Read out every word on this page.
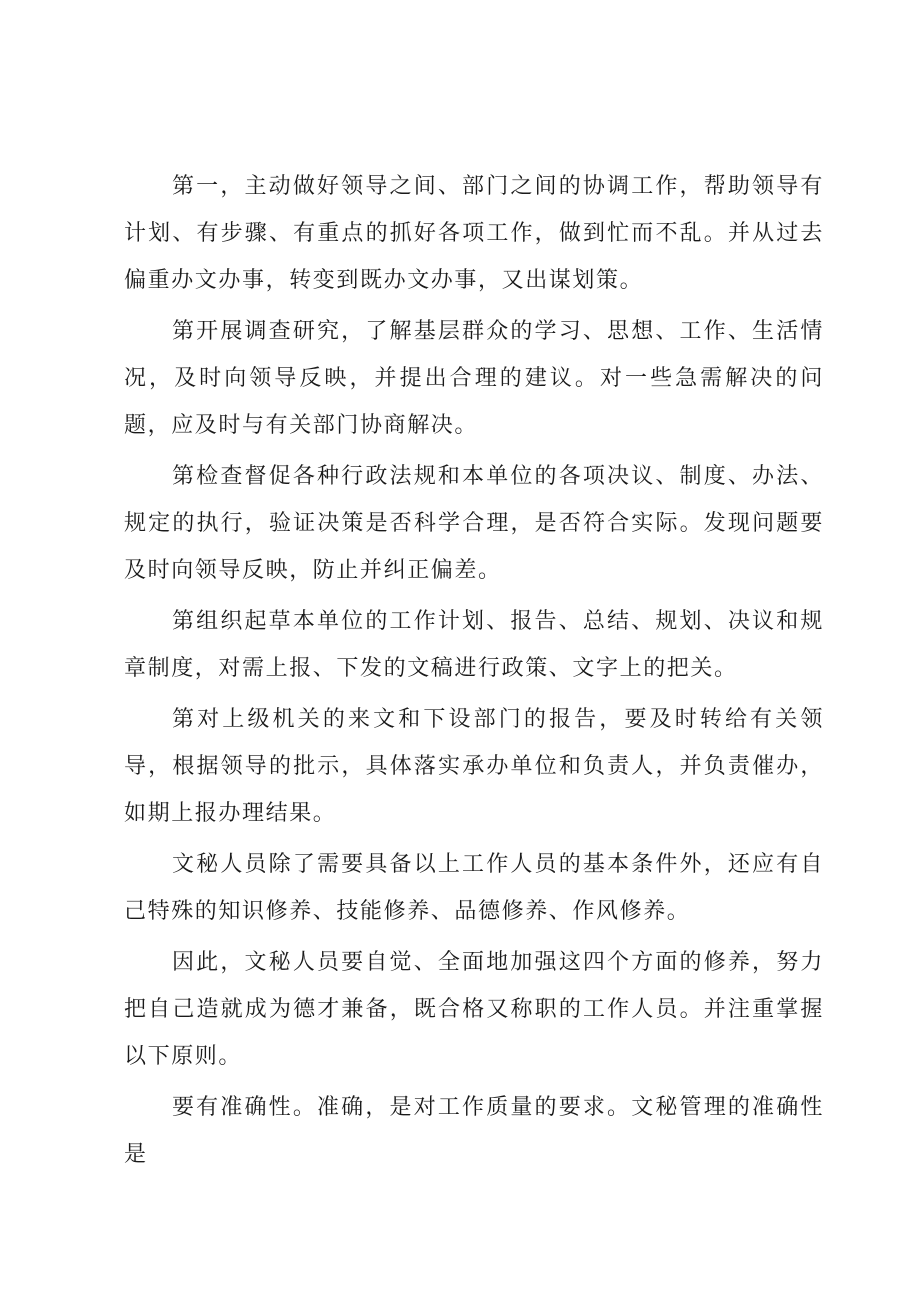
第一，主动做好领导之间、部门之间的协调工作，帮助领导有计划、有步骤、有重点的抓好各项工作，做到忙而不乱。并从过去偏重办文办事，转变到既办文办事，又出谋划策。

第开展调查研究，了解基层群众的学习、思想、工作、生活情况，及时向领导反映，并提出合理的建议。对一些急需解决的问题，应及时与有关部门协商解决。

第检查督促各种行政法规和本单位的各项决议、制度、办法、规定的执行，验证决策是否科学合理，是否符合实际。发现问题要及时向领导反映，防止并纠正偏差。

第组织起草本单位的工作计划、报告、总结、规划、决议和规章制度，对需上报、下发的文稿进行政策、文字上的把关。

第对上级机关的来文和下设部门的报告，要及时转给有关领导，根据领导的批示，具体落实承办单位和负责人，并负责催办，如期上报办理结果。

文秘人员除了需要具备以上工作人员的基本条件外，还应有自己特殊的知识修养、技能修养、品德修养、作风修养。

因此，文秘人员要自觉、全面地加强这四个方面的修养，努力把自己造就成为德才兼备，既合格又称职的工作人员。并注重掌握以下原则。

要有准确性。准确，是对工作质量的要求。文秘管理的准确性是
